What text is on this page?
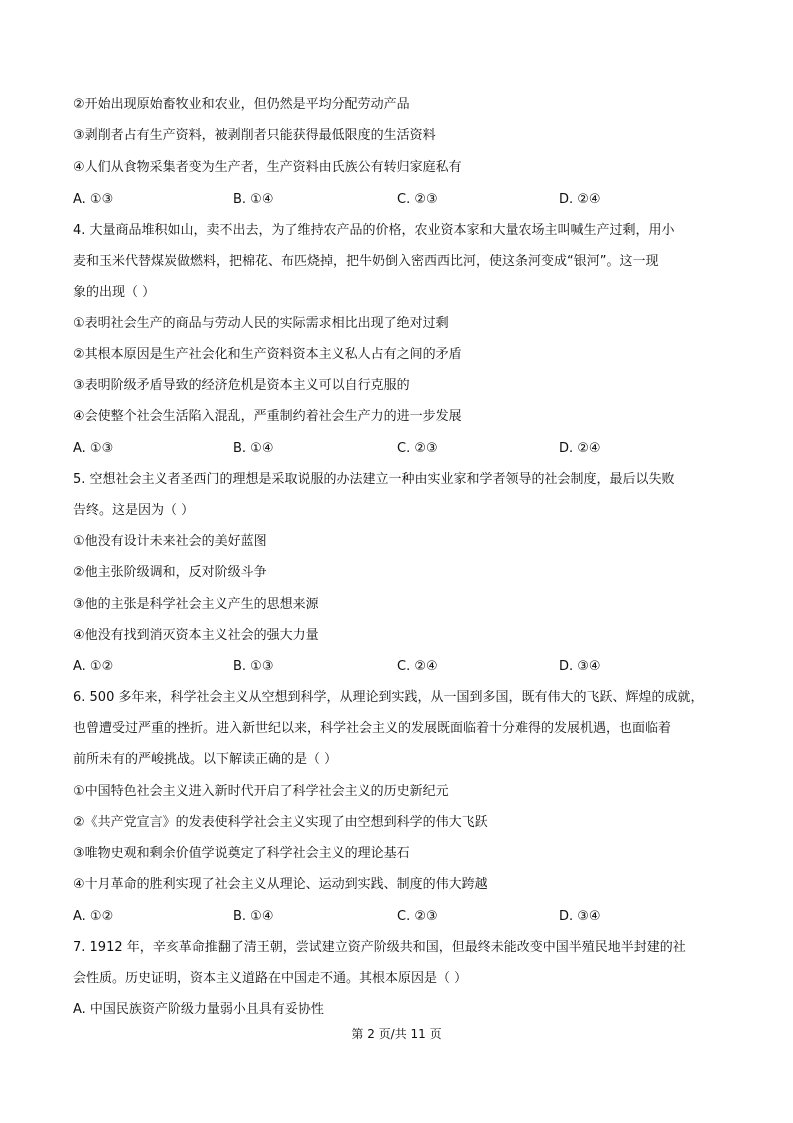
②开始出现原始畜牧业和农业，但仍然是平均分配劳动产品
③剥削者占有生产资料，被剥削者只能获得最低限度的生活资料
④人们从食物采集者变为生产者，生产资料由氏族公有转归家庭私有
A. ①③	B. ①④	C. ②③	D. ②④
4. 大量商品堆积如山，卖不出去，为了维持农产品的价格，农业资本家和大量农场主叫喊生产过剩，用小
麦和玉米代替煤炭做燃料，把棉花、布匹烧掉，把牛奶倒入密西西比河，使这条河变成“银河”。这一现
象的出现（ ）
①表明社会生产的商品与劳动人民的实际需求相比出现了绝对过剩
②其根本原因是生产社会化和生产资料资本主义私人占有之间的矛盾
③表明阶级矛盾导致的经济危机是资本主义可以自行克服的
④会使整个社会生活陷入混乱，严重制约着社会生产力的进一步发展
A. ①③	B. ①④	C. ②③	D. ②④
5. 空想社会主义者圣西门的理想是采取说服的办法建立一种由实业家和学者领导的社会制度，最后以失败
告终。这是因为（ ）
①他没有设计未来社会的美好蓝图
②他主张阶级调和，反对阶级斗争
③他的主张是科学社会主义产生的思想来源
④他没有找到消灭资本主义社会的强大力量
A. ①②	B. ①③	C. ②④	D. ③④
6. 500 多年来，科学社会主义从空想到科学，从理论到实践，从一国到多国，既有伟大的飞跃、辉煌的成就，
也曾遭受过严重的挫折。进入新世纪以来，科学社会主义的发展既面临着十分难得的发展机遇，也面临着
前所未有的严峻挑战。以下解读正确的是（ ）
①中国特色社会主义进入新时代开启了科学社会主义的历史新纪元
②《共产党宣言》的发表使科学社会主义实现了由空想到科学的伟大飞跃
③唯物史观和剩余价值学说奠定了科学社会主义的理论基石
④十月革命的胜利实现了社会主义从理论、运动到实践、制度的伟大跨越
A. ①②	B. ①④	C. ②③	D. ③④
7. 1912 年，辛亥革命推翻了清王朝，尝试建立资产阶级共和国，但最终未能改变中国半殖民地半封建的社
会性质。历史证明，资本主义道路在中国走不通。其根本原因是（ ）
A. 中国民族资产阶级力量弱小且具有妥协性
第 2 页/共 11 页
